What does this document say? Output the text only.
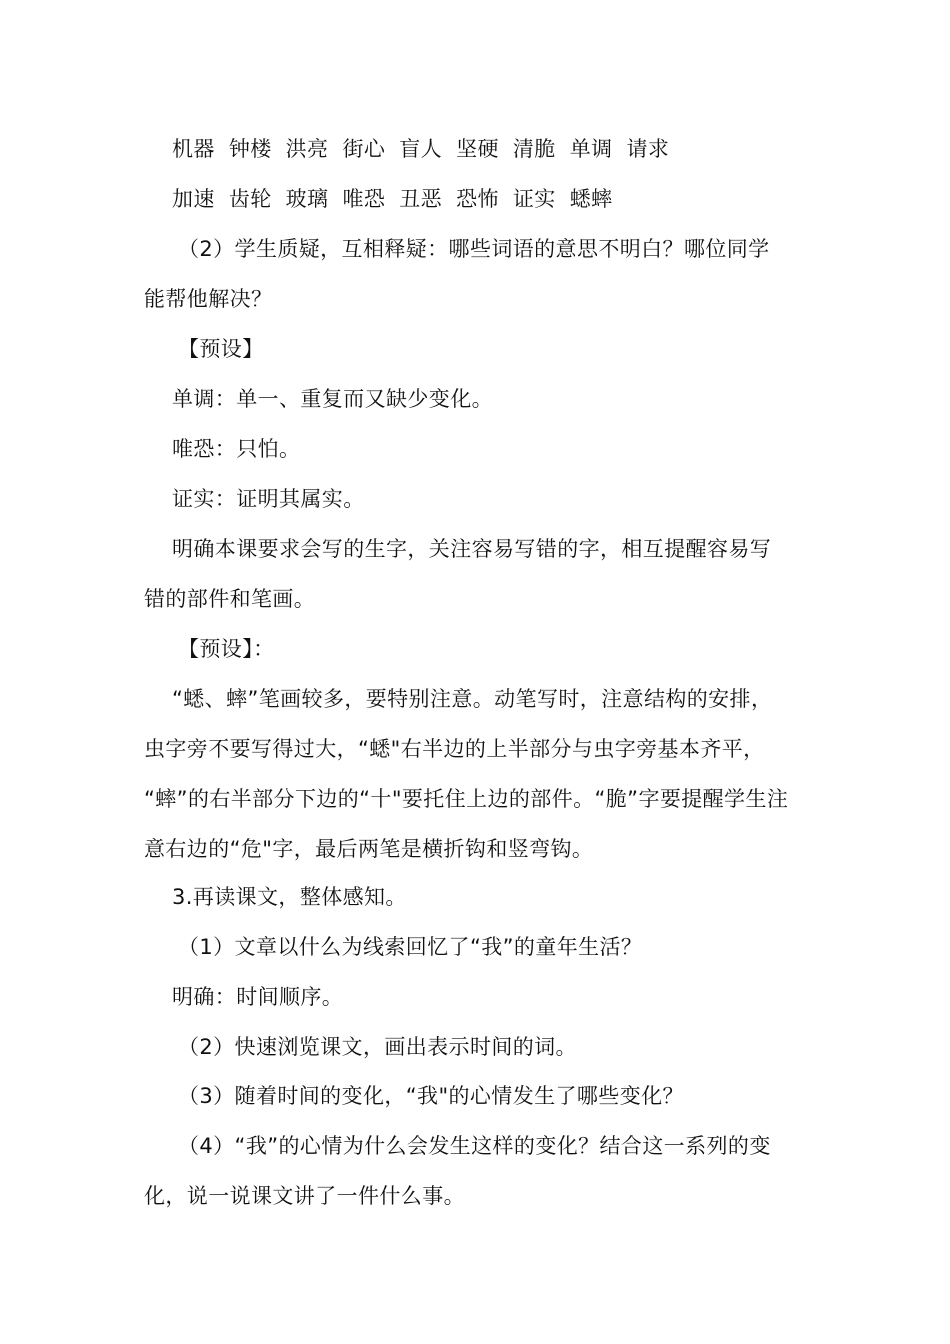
机器 钟楼 洪亮 街心 盲人 坚硬 清脆 单调 请求
加速 齿轮 玻璃 唯恐 丑恶 恐怖 证实 蟋蟀
（2）学生质疑，互相释疑：哪些词语的意思不明白？哪位同学
能帮他解决？
【预设】
单调：单一、重复而又缺少变化。
唯恐：只怕。
证实：证明其属实。
明确本课要求会写的生字，关注容易写错的字，相互提醒容易写
错的部件和笔画。
【预设】：
“蟋、蟀”笔画较多，要特别注意。动笔写时，注意结构的安排，
虫字旁不要写得过大，“蟋"右半边的上半部分与虫字旁基本齐平，
“蟀”的右半部分下边的“十"要托住上边的部件。“脆”字要提醒学生注
意右边的“危"字，最后两笔是横折钩和竖弯钩。
3.再读课文，整体感知。
（1）文章以什么为线索回忆了“我”的童年生活？
明确：时间顺序。
（2）快速浏览课文，画出表示时间的词。
（3）随着时间的变化，“我"的心情发生了哪些变化？
（4）“我”的心情为什么会发生这样的变化？结合这一系列的变
化，说一说课文讲了一件什么事。
